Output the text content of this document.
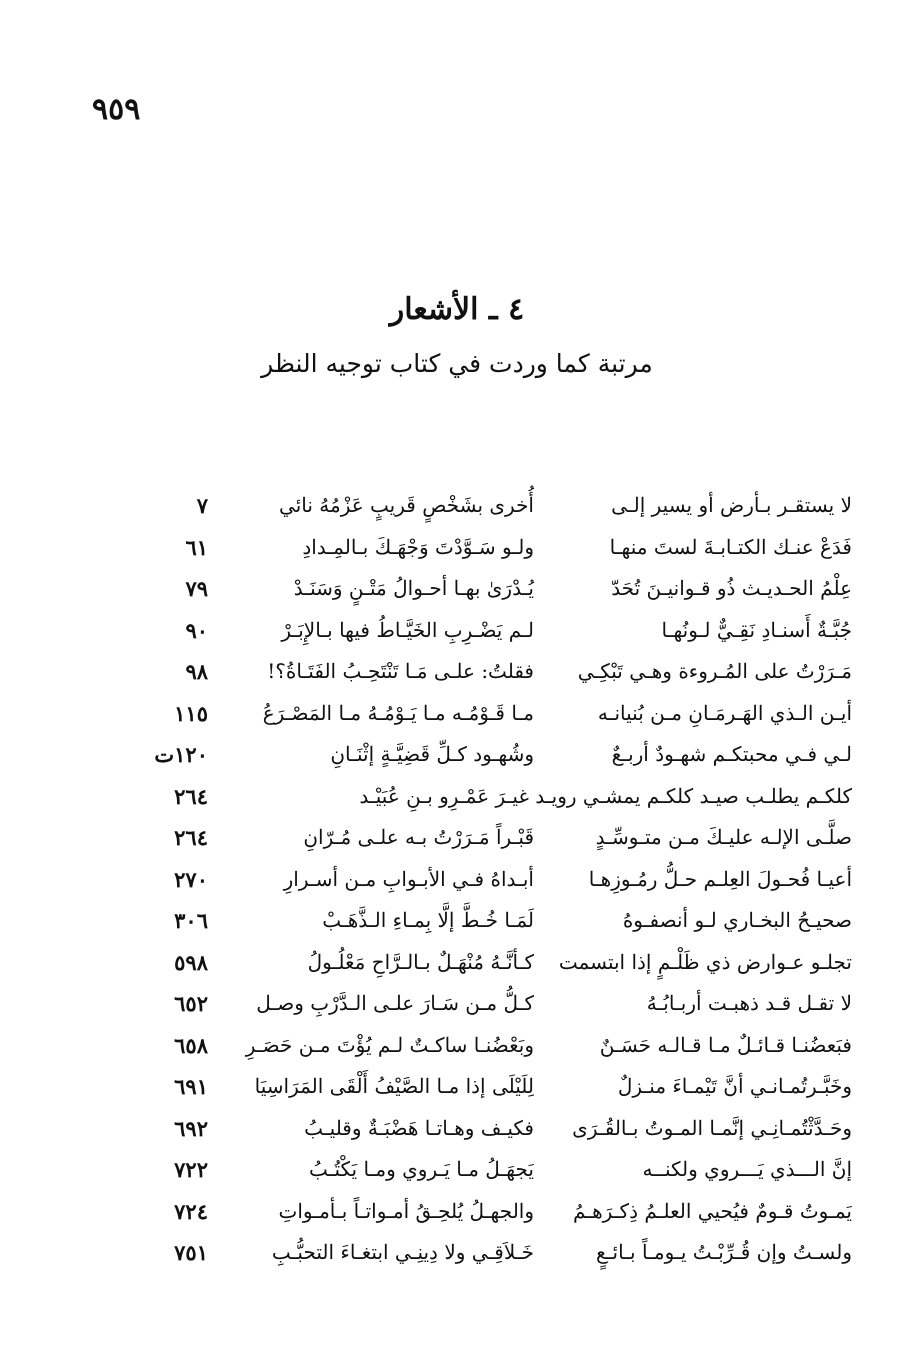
٩٥٩
٤ ـ الأشعار
مرتبة كما وردت في كتاب توجيه النظر
لا يستقـر بـأرض أو يسير إلـى
أُخرى بشَخْصٍ قَريبٍ عَزْمُهُ نائي
٧
فَدَعْ عنـك الكتـابـةَ لستَ منهـا
ولـو سَـوَّدْتَ وَجْهَـكَ بـالمِـدادِ
٦١
عِلْمُ الحـديـث ذُو قـوانيـنَ تُحَدّ
يُـدْرَىٰ بهـا أحـوالُ مَتْـنٍ وَسَنَـدْ
٧٩
جُبَّـةٌ أَسنـادِ نَقِـيٌّ لـونُهـا
لـم يَضْـرِبِ الخَيَّـاطُ فيها بـالإِبَـرْ
٩٠
مَـرَرْتُ على المُـروءة وهـي تَبْكِـي
فقلتُ: علـى مَـا تَنْتَحِـبُ الفَتَـاةُ؟!
٩٨
أيـن الـذي الهَـرمَـانِ مـن بُنيانـه
مـا قَـوْمُـه مـا يَـوْمُـهُ مـا المَصْـرَعُ
١١٥
لـي فـي محبتكـم شهـودٌ أربـعٌ
وشُهـود كـلِّ قَضِيَّـةٍ إثْنَـانِ
١٢٠ت
كلكـم يطلـب صيـد كلكـم يمشـي رويـد غيـرَ عَمْـرِو بـنِ عُبَيْـد
٢٦٤
صلَّـى الإلـه عليـكَ مـن متـوسِّـدٍ
قَبْـراً مَـرَرْتُ بـه علـى مُـرّانِ
٢٦٤
أعيـا فُحـولَ العِلـم حـلُّ رمُـوزِهـا
أبـداهُ فـي الأبـوابِ مـن أسـرارِ
٢٧٠
صحيـحُ البخـاري لـو أنصفـوهُ
لَمَـا خُـطَّ إلَّا بِمـاءِ الـذَّهَـبْ
٣٠٦
تجلـو عـوارض ذي ظَلْـمٍ إذا ابتسمت
كـأنَّـهُ مُنْهَـلٌ بـالـرَّاحِ مَعْلُـولُ
٥٩٨
لا تقـل قـد ذهبـت أربـابُـهُ
كـلُّ مـن سَـارَ علـى الـدَّرْبِ وصـل
٦٥٢
فبَعضُنـا قـائـلٌ مـا قـالـه حَسَـنٌ
وبَعْضُنـا ساكـتٌ لـم يُؤْتَ مـن حَصَـرِ
٦٥٨
وخَبَّـرتُمـانـي أنَّ تَيْمـاءَ منـزلٌ
لِلَيْلَى إذا مـا الصَّيْفُ أَلْقَى المَرَاسِيَا
٦٩١
وحَـدَّثْتُمـانِـي إنَّمـا المـوتُ بـالقُـرَى
فكيـف وهـاتـا هَضْبَـةٌ وقليـبُ
٦٩٢
إنَّ الـــذي يَـــروي ولكنــه
يَجهَـلُ مـا يَـروي ومـا يَكْتُـبُ
٧٢٢
يَمـوتُ قـومٌ فيُحيي العلـمُ ذِكـرَهـمُ
والجهـلُ يُلحِـقُ أمـواتـاً بـأمـواتِ
٧٢٤
ولسـتُ وإن قُـرِّبْـتُ يـومـاً بـائـعٍ
خَـلاَقِـي ولا دِينِـي ابتغـاءَ التحبُّـبِ
٧٥١
